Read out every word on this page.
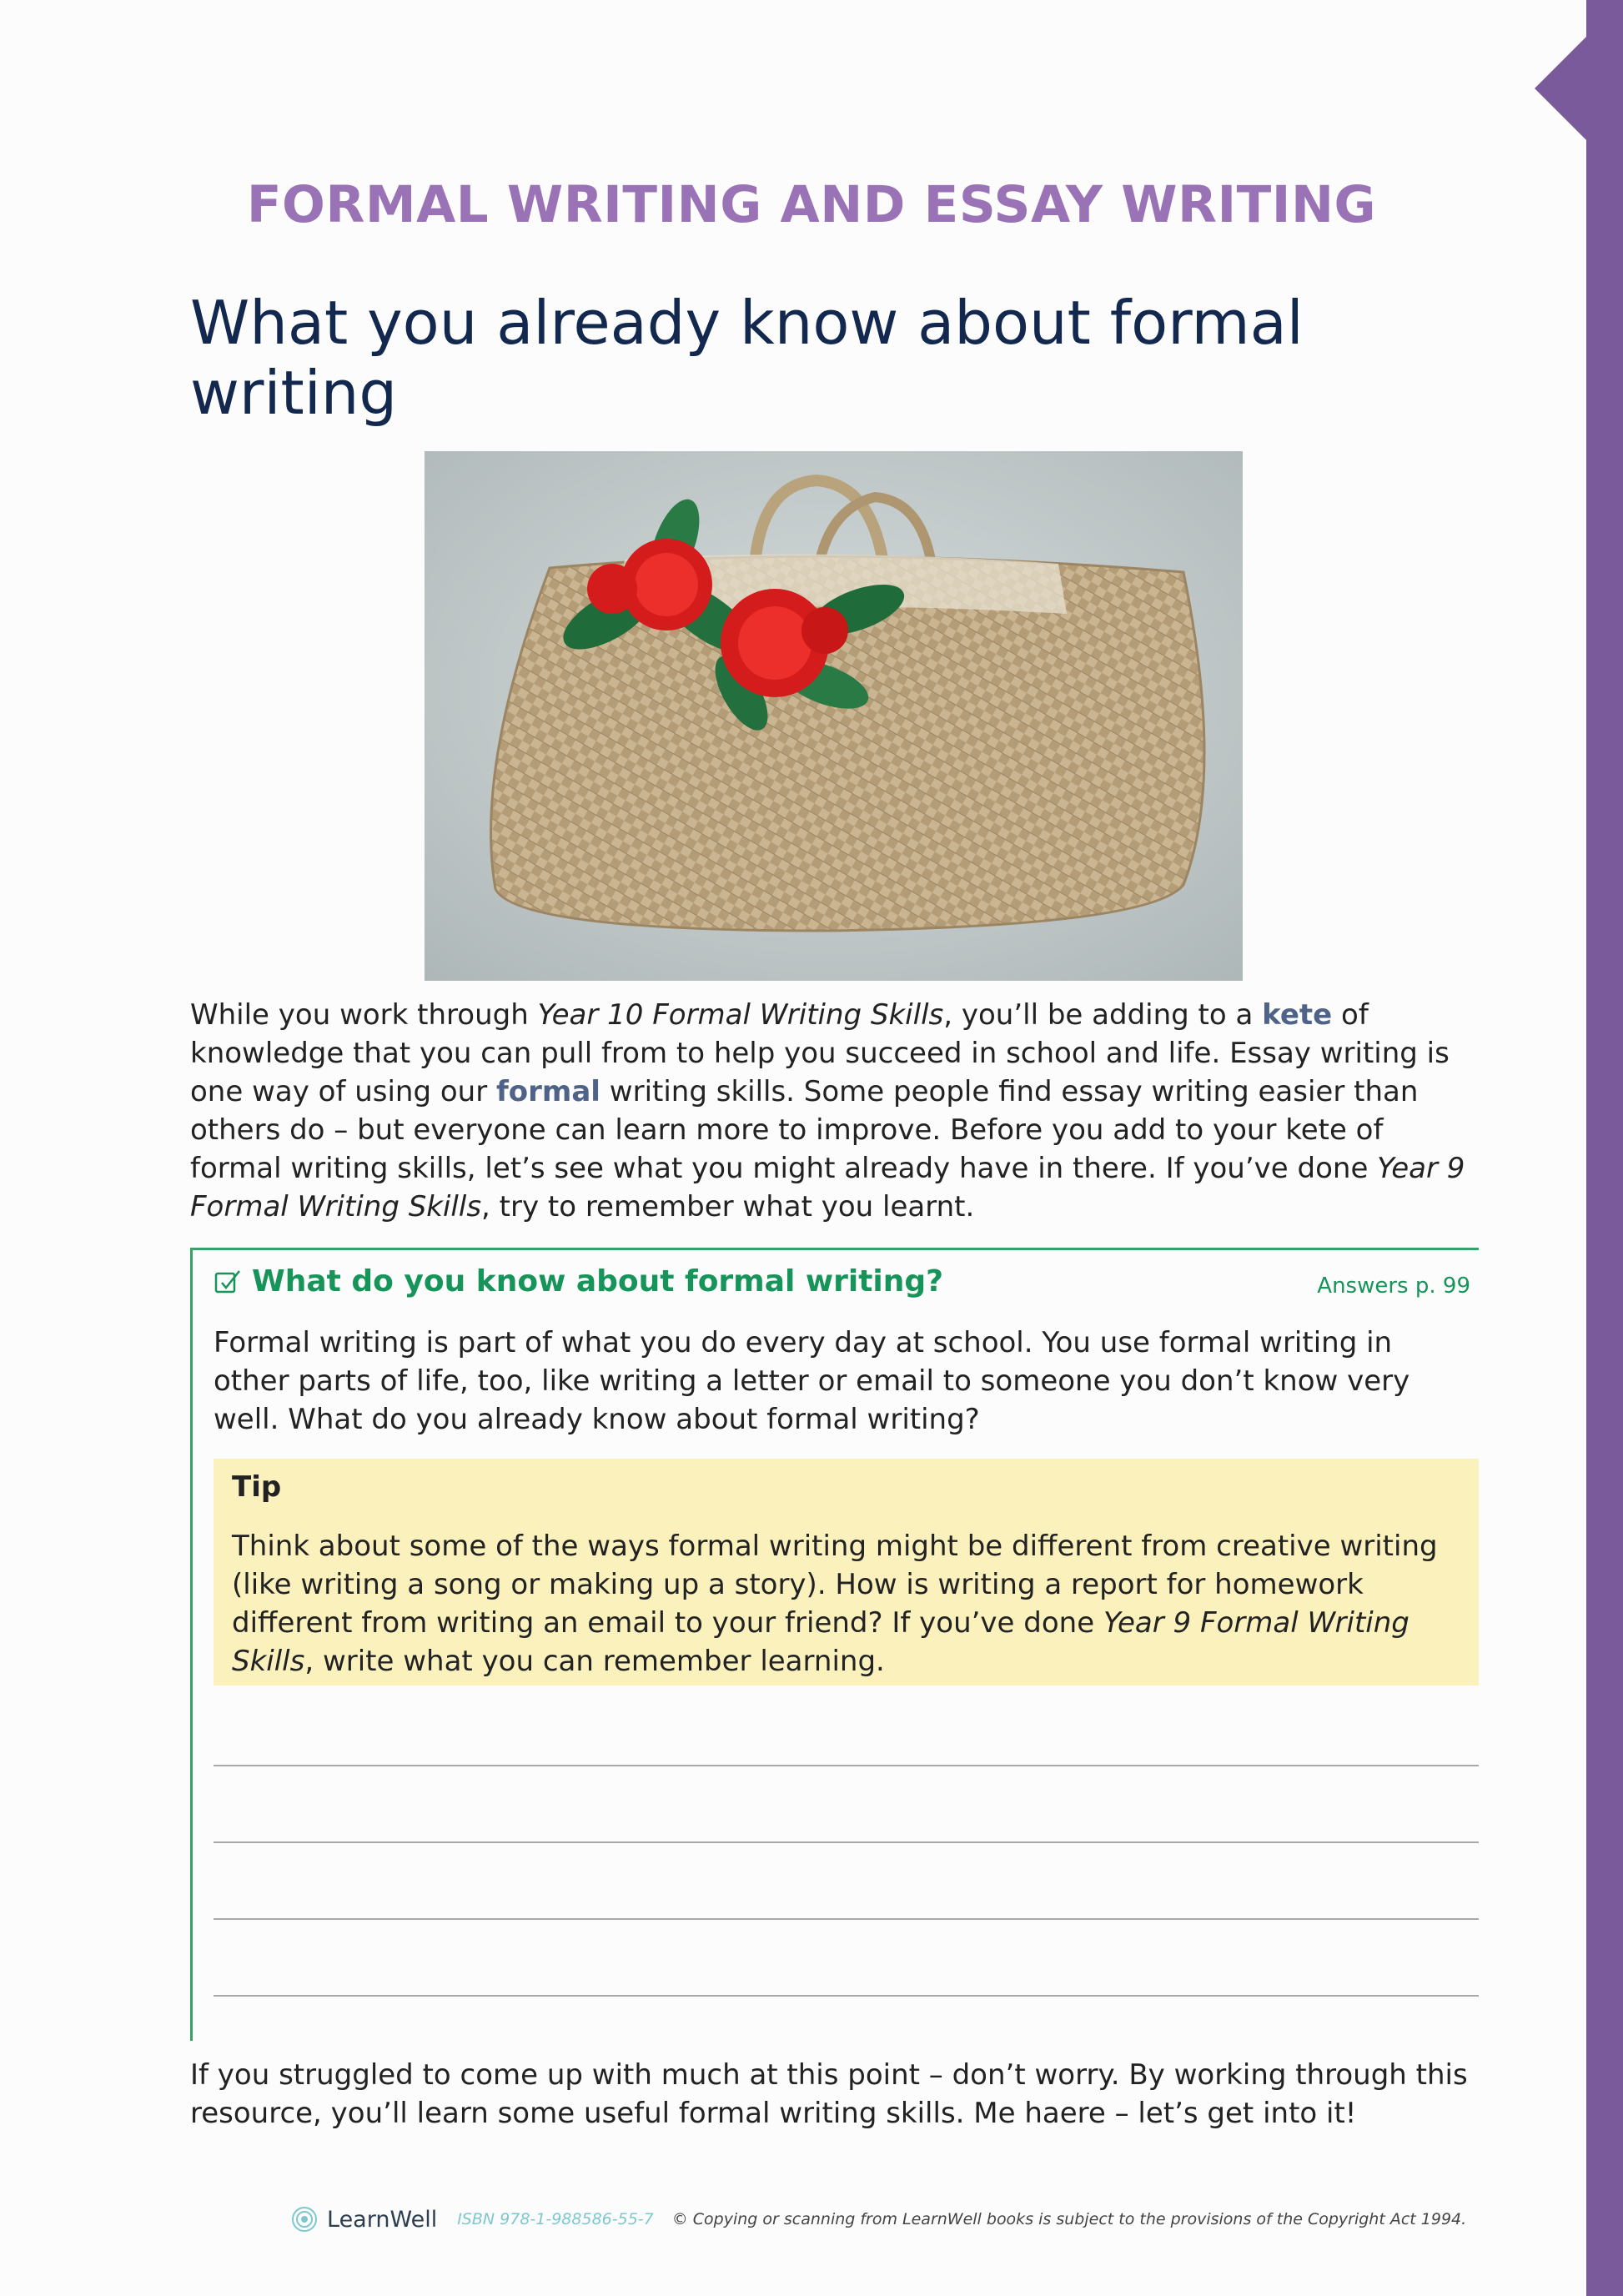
FORMAL WRITING AND ESSAY WRITING
What you already know about formal writing

While you work through Year 10 Formal Writing Skills, you’ll be adding to a kete of knowledge that you can pull from to help you succeed in school and life. Essay writing is one way of using our formal writing skills. Some people find essay writing easier than others do – but everyone can learn more to improve. Before you add to your kete of formal writing skills, let’s see what you might already have in there. If you’ve done Year 9 Formal Writing Skills, try to remember what you learnt.

What do you know about formal writing?	Answers p. 99
Formal writing is part of what you do every day at school. You use formal writing in other parts of life, too, like writing a letter or email to someone you don’t know very well. What do you already know about formal writing?
Tip
Think about some of the ways formal writing might be different from creative writing (like writing a song or making up a story). How is writing a report for homework different from writing an email to your friend? If you’ve done Year 9 Formal Writing Skills, write what you can remember learning.

If you struggled to come up with much at this point – don’t worry. By working through this resource, you’ll learn some useful formal writing skills. Me haere – let’s get into it!

LearnWell ISBN 978-1-988586-55-7 © Copying or scanning from LearnWell books is subject to the provisions of the Copyright Act 1994.
